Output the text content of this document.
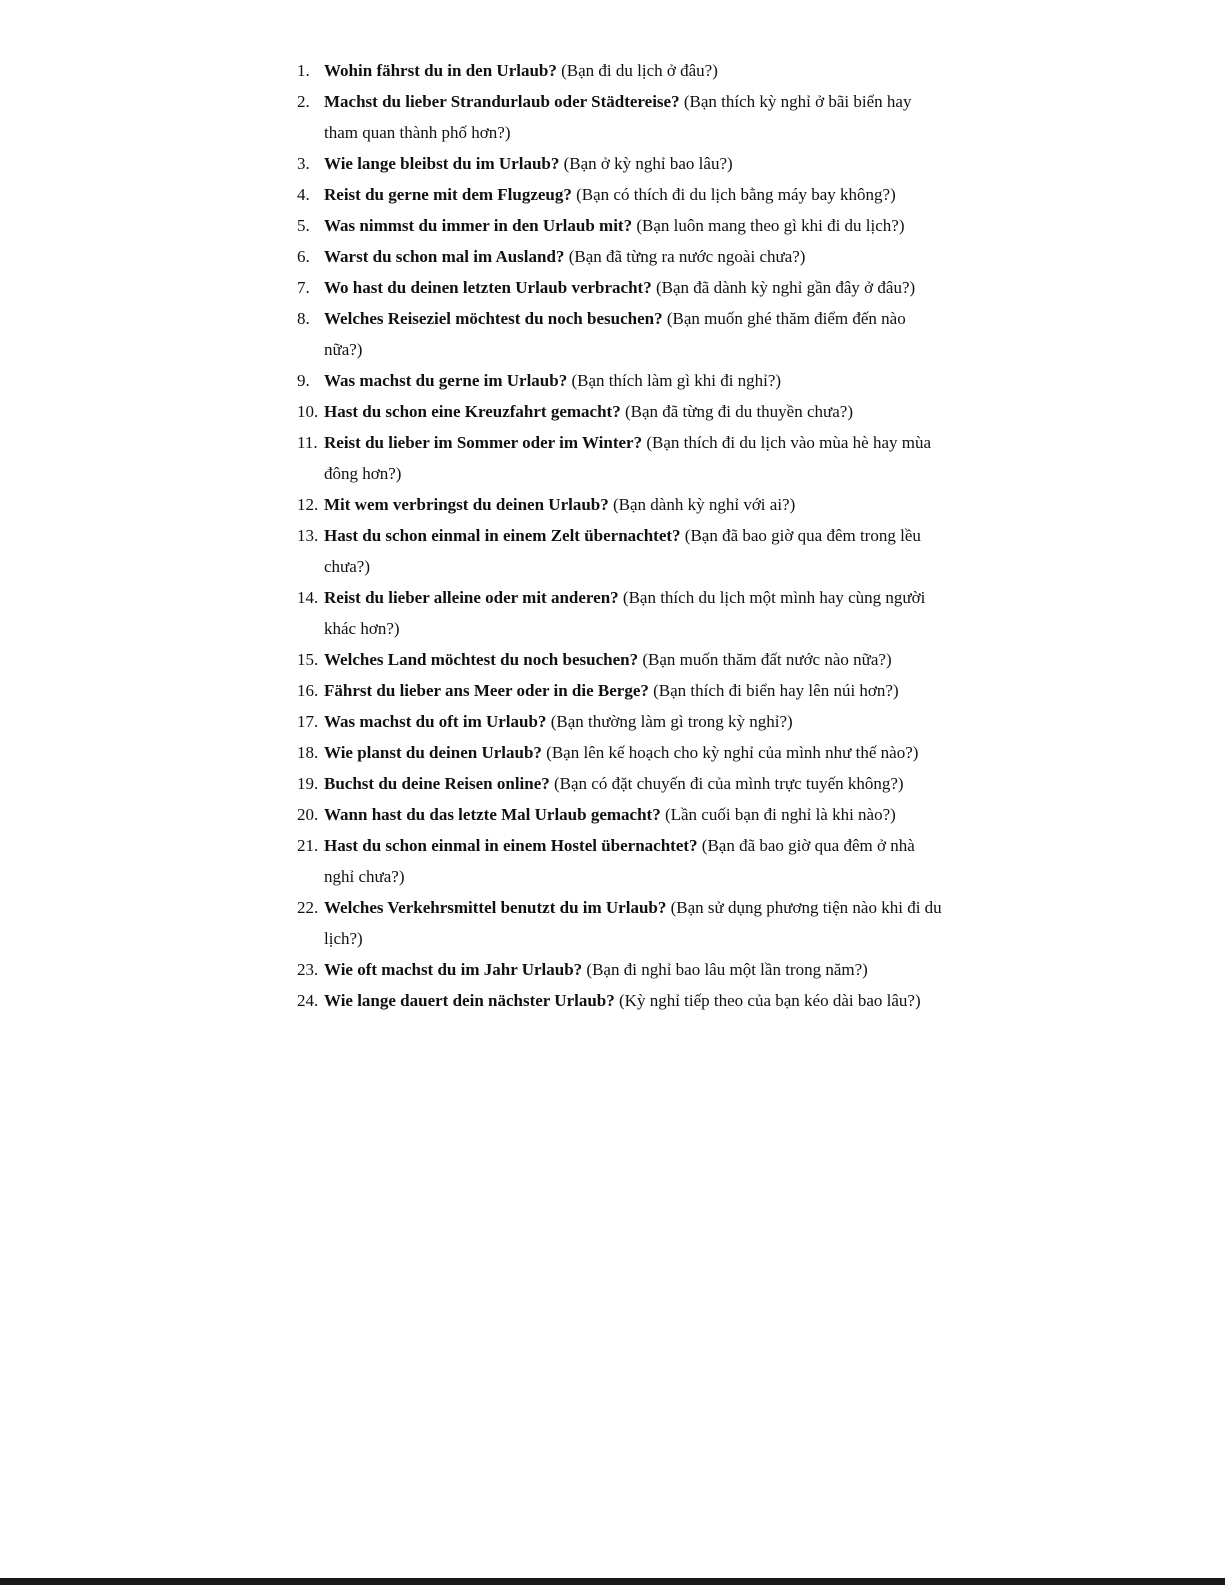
1. Wohin fährst du in den Urlaub? (Bạn đi du lịch ở đâu?)
2. Machst du lieber Strandurlaub oder Städtereise? (Bạn thích kỳ nghỉ ở bãi biển hay tham quan thành phố hơn?)
3. Wie lange bleibst du im Urlaub? (Bạn ở kỳ nghỉ bao lâu?)
4. Reist du gerne mit dem Flugzeug? (Bạn có thích đi du lịch bằng máy bay không?)
5. Was nimmst du immer in den Urlaub mit? (Bạn luôn mang theo gì khi đi du lịch?)
6. Warst du schon mal im Ausland? (Bạn đã từng ra nước ngoài chưa?)
7. Wo hast du deinen letzten Urlaub verbracht? (Bạn đã dành kỳ nghỉ gần đây ở đâu?)
8. Welches Reiseziel möchtest du noch besuchen? (Bạn muốn ghé thăm điểm đến nào nữa?)
9. Was machst du gerne im Urlaub? (Bạn thích làm gì khi đi nghỉ?)
10. Hast du schon eine Kreuzfahrt gemacht? (Bạn đã từng đi du thuyền chưa?)
11. Reist du lieber im Sommer oder im Winter? (Bạn thích đi du lịch vào mùa hè hay mùa đông hơn?)
12. Mit wem verbringst du deinen Urlaub? (Bạn dành kỳ nghỉ với ai?)
13. Hast du schon einmal in einem Zelt übernachtet? (Bạn đã bao giờ qua đêm trong lều chưa?)
14. Reist du lieber alleine oder mit anderen? (Bạn thích du lịch một mình hay cùng người khác hơn?)
15. Welches Land möchtest du noch besuchen? (Bạn muốn thăm đất nước nào nữa?)
16. Fährst du lieber ans Meer oder in die Berge? (Bạn thích đi biển hay lên núi hơn?)
17. Was machst du oft im Urlaub? (Bạn thường làm gì trong kỳ nghỉ?)
18. Wie planst du deinen Urlaub? (Bạn lên kế hoạch cho kỳ nghỉ của mình như thế nào?)
19. Buchst du deine Reisen online? (Bạn có đặt chuyến đi của mình trực tuyến không?)
20. Wann hast du das letzte Mal Urlaub gemacht? (Lần cuối bạn đi nghỉ là khi nào?)
21. Hast du schon einmal in einem Hostel übernachtet? (Bạn đã bao giờ qua đêm ở nhà nghỉ chưa?)
22. Welches Verkehrsmittel benutzt du im Urlaub? (Bạn sử dụng phương tiện nào khi đi du lịch?)
23. Wie oft machst du im Jahr Urlaub? (Bạn đi nghỉ bao lâu một lần trong năm?)
24. Wie lange dauert dein nächster Urlaub? (Kỳ nghỉ tiếp theo của bạn kéo dài bao lâu?)
